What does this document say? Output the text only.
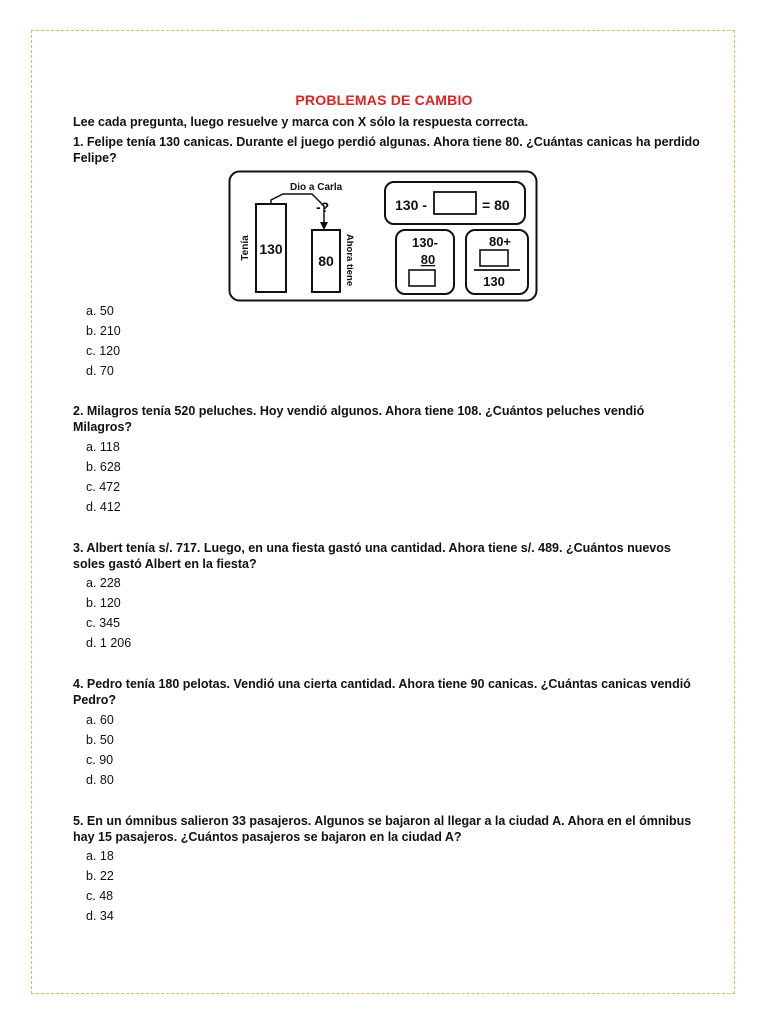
PROBLEMAS DE CAMBIO
Lee cada pregunta, luego resuelve y marca con X sólo la respuesta correcta.
1. Felipe tenía 130 canicas. Durante el juego perdió algunas. Ahora tiene 80. ¿Cuántas canicas ha perdido
Felipe?
130
Tenía
80 Ahora tiene
Dio a Carla
-?	130 -	= 80
130-
80
80+
130
a. 50
b. 210
c. 120
d. 70
2. Milagros tenía 520 peluches. Hoy vendió algunos. Ahora tiene 108. ¿Cuántos peluches vendió
Milagros?
a. 118
b. 628
c. 472
d. 412
3. Albert tenía s/. 717. Luego, en una fiesta gastó una cantidad. Ahora tiene s/. 489. ¿Cuántos nuevos
soles gastó Albert en la fiesta?
a. 228
b. 120
c. 345
d. 1 206
4. Pedro tenía 180 pelotas. Vendió una cierta cantidad. Ahora tiene 90 canicas. ¿Cuántas canicas vendió
Pedro?
a. 60
b. 50
c. 90
d. 80
5. En un ómnibus salieron 33 pasajeros. Algunos se bajaron al llegar a la ciudad A. Ahora en el ómnibus
hay 15 pasajeros. ¿Cuántos pasajeros se bajaron en la ciudad A?
a. 18
b. 22
c. 48
d. 34
